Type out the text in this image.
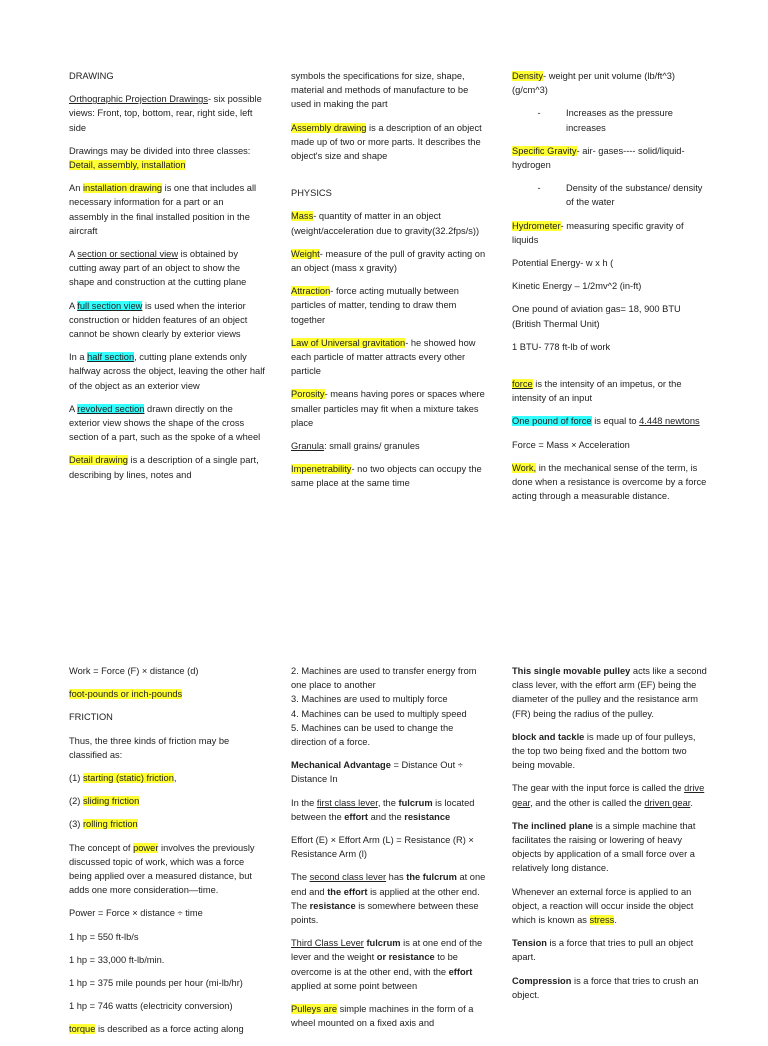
DRAWING

Orthographic Projection Drawings- six possible views: Front, top, bottom, rear, right side, left side

Drawings may be divided into three classes: Detail, assembly, installation

An installation drawing is one that includes all necessary information for a part or an assembly in the final installed position in the aircraft

A section or sectional view is obtained by cutting away part of an object to show the shape and construction at the cutting plane

A full section view is used when the interior construction or hidden features of an object cannot be shown clearly by exterior views

In a half section, cutting plane extends only halfway across the object, leaving the other half of the object as an exterior view

A revolved section drawn directly on the exterior view shows the shape of the cross section of a part, such as the spoke of a wheel

Detail drawing is a description of a single part, describing by lines, notes and

symbols the specifications for size, shape, material and methods of manufacture to be used in making the part

Assembly drawing is a description of an object made up of two or more parts. It describes the object's size and shape

PHYSICS

Mass- quantity of matter in an object (weight/acceleration due to gravity(32.2fps/s))

Weight- measure of the pull of gravity acting on an object (mass x gravity)

Attraction- force acting mutually between particles of matter, tending to draw them together

Law of Universal gravitation- he showed how each particle of matter attracts every other particle

Porosity- means having pores or spaces where smaller particles may fit when a mixture takes place

Granula: small grains/ granules

Impenetrability- no two objects can occupy the same place at the same time

Density- weight per unit volume (lb/ft^3) (g/cm^3)

-	Increases as the pressure increases

Specific Gravity- air- gases---- solid/liquid- hydrogen

-	Density of the substance/ density of the water

Hydrometer- measuring specific gravity of liquids

Potential Energy- w x h (

Kinetic Energy – 1/2mv^2 (in-ft)

One pound of aviation gas= 18, 900 BTU (British Thermal Unit)

1 BTU- 778 ft-lb of work

force is the intensity of an impetus, or the intensity of an input

One pound of force is equal to 4.448 newtons

Force = Mass × Acceleration

Work, in the mechanical sense of the term, is done when a resistance is overcome by a force acting through a measurable distance.

Work = Force (F) × distance (d)

foot-pounds or inch-pounds

FRICTION

Thus, the three kinds of friction may be classified as:

(1) starting (static) friction,

(2) sliding friction

(3) rolling friction

The concept of power involves the previously discussed topic of work, which was a force being applied over a measured distance, but adds one more consideration—time.

Power = Force × distance ÷ time

1 hp = 550 ft-lb/s

1 hp = 33,000 ft-lb/min.

1 hp = 375 mile pounds per hour (mi-lb/hr)

1 hp = 746 watts (electricity conversion)

torque is described as a force acting along

2. Machines are used to transfer energy from one place to another
3. Machines are used to multiply force
4. Machines can be used to multiply speed
5. Machines can be used to change the direction of a force.

Mechanical Advantage = Distance Out ÷ Distance In

In the first class lever, the fulcrum is located between the effort and the resistance

Effort (E) × Effort Arm (L) = Resistance (R) × Resistance Arm (l)

The second class lever has the fulcrum at one end and the effort is applied at the other end. The resistance is somewhere between these points.

Third Class Lever fulcrum is at one end of the lever and the weight or resistance to be overcome is at the other end, with the effort applied at some point between

Pulleys are simple machines in the form of a wheel mounted on a fixed axis and

This single movable pulley acts like a second class lever, with the effort arm (EF) being the diameter of the pulley and the resistance arm (FR) being the radius of the pulley.

block and tackle is made up of four pulleys, the top two being fixed and the bottom two being movable.

The gear with the input force is called the drive gear, and the other is called the driven gear.

The inclined plane is a simple machine that facilitates the raising or lowering of heavy objects by application of a small force over a relatively long distance.

Whenever an external force is applied to an object, a reaction will occur inside the object which is known as stress.

Tension is a force that tries to pull an object apart.

Compression is a force that tries to crush an object.
